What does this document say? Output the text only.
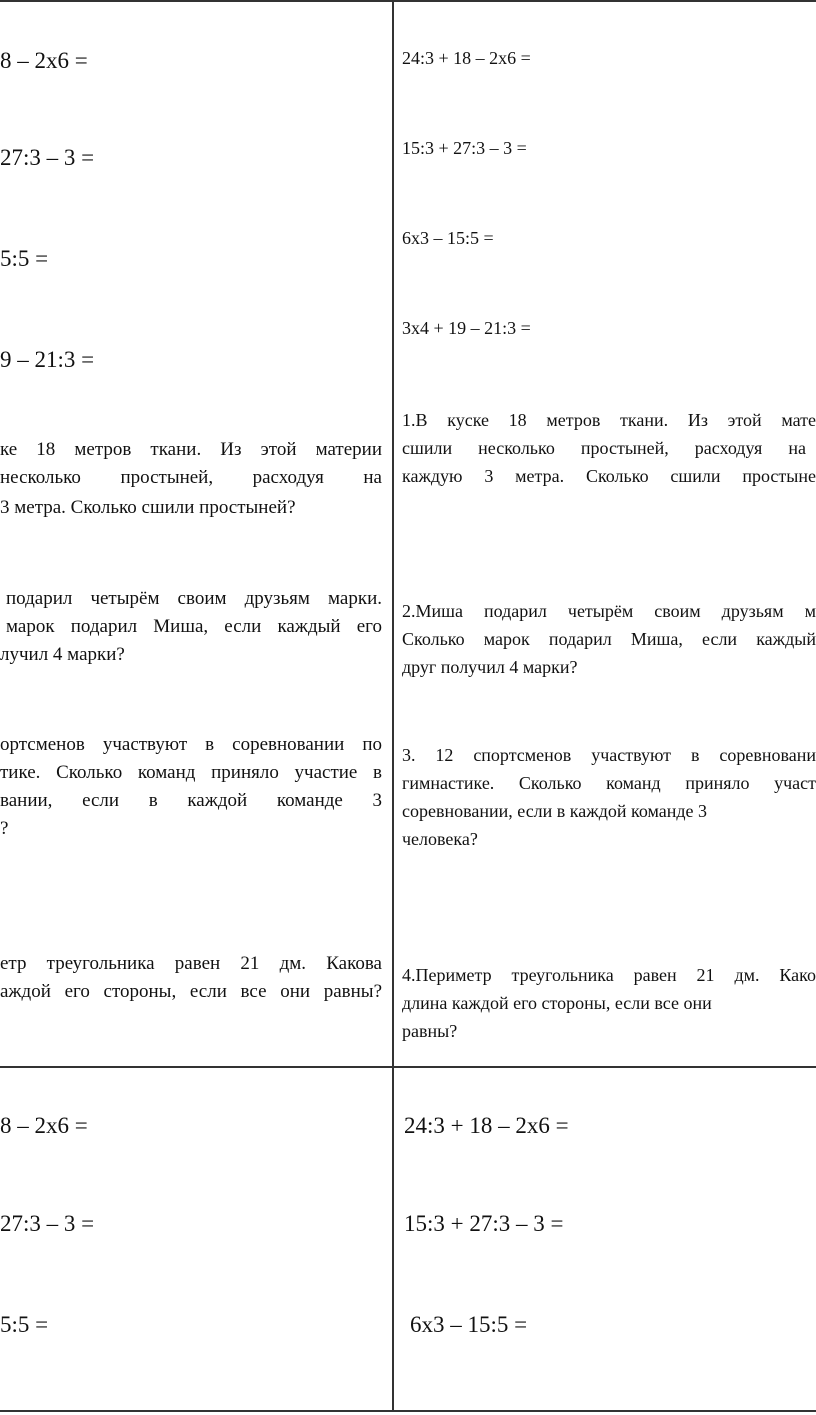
8 – 2x6 =
27:3 – 3 =
5:5 =
9 – 21:3 =
ке 18 метров ткани. Из этой материи
несколько простыней, расходуя на
3 метра. Сколько сшили простыней?
подарил четырём своим друзьям марки.
марок подарил Миша, если каждый его
лучил 4 марки?
ортсменов участвуют в соревновании по
тике. Сколько команд приняло участие в
вании, если в каждой команде 3
?
етр треугольника равен 21 дм. Какова
аждой его стороны, если все они равны?
24:3 + 18 – 2x6 =
15:3 + 27:3 – 3 =
6x3 – 15:5 =
3x4 + 19 – 21:3 =
1.В куске 18 метров ткани. Из этой мате
сшили несколько простыней, расходуя на
каждую 3 метра. Сколько сшили простыне
2.Миша подарил четырём своим друзьям м
Сколько марок подарил Миша, если каждый
друг получил 4 марки?
3. 12 спортсменов участвуют в соревновани
гимнастике. Сколько команд приняло участ
соревновании, если в каждой команде 3
человека?
4.Периметр треугольника равен 21 дм. Како
длина каждой его стороны, если все они
равны?
8 – 2x6 =
27:3 – 3 =
5:5 =
24:3 + 18 – 2x6 =
15:3 + 27:3 – 3 =
6x3 – 15:5 =
